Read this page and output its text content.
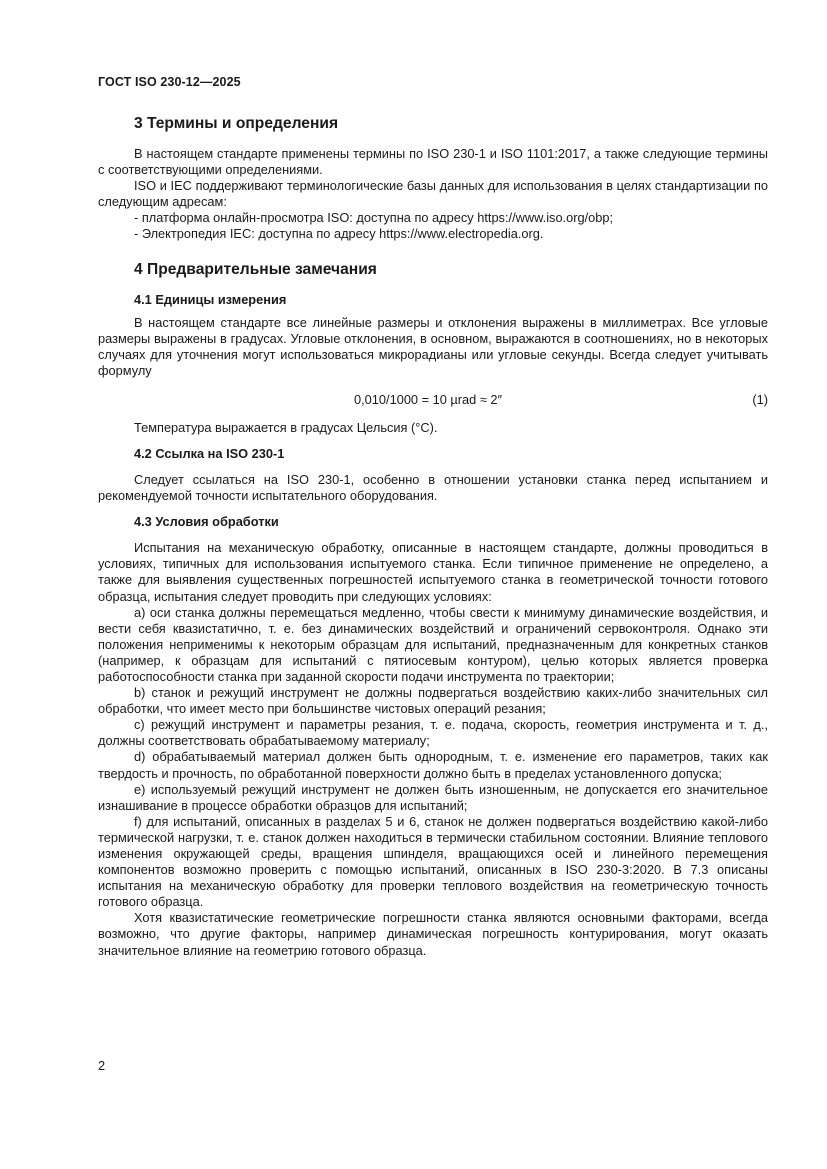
ГОСТ ISO 230-12—2025
3 Термины и определения

В настоящем стандарте применены термины по ISO 230-1 и ISO 1101:2017, а также следующие термины с соответствующими определениями.

ISO и IEC поддерживают терминологические базы данных для использования в целях стандартизации по следующим адресам:

- платформа онлайн-просмотра ISO: доступна по адресу https://www.iso.org/obp;
- Электропедия IEC: доступна по адресу https://www.electropedia.org.
4 Предварительные замечания
4.1 Единицы измерения

В настоящем стандарте все линейные размеры и отклонения выражены в миллиметрах. Все угловые размеры выражены в градусах. Угловые отклонения, в основном, выражаются в соотношениях, но в некоторых случаях для уточнения могут использоваться микрорадианы или угловые секунды. Всегда следует учитывать формулу

0,010/1000 = 10 µrad ≈ 2″	(1)

Температура выражается в градусах Цельсия (°C).

4.2 Ссылка на ISO 230-1

Следует ссылаться на ISO 230-1, особенно в отношении установки станка перед испытанием и рекомендуемой точности испытательного оборудования.

4.3 Условия обработки

Испытания на механическую обработку, описанные в настоящем стандарте, должны проводиться в условиях, типичных для использования испытуемого станка. Если типичное применение не определено, а также для выявления существенных погрешностей испытуемого станка в геометрической точности готового образца, испытания следует проводить при следующих условиях:

a) оси станка должны перемещаться медленно, чтобы свести к минимуму динамические воздействия, и вести себя квазистатично, т. е. без динамических воздействий и ограничений сервоконтроля. Однако эти положения неприменимы к некоторым образцам для испытаний, предназначенным для конкретных станков (например, к образцам для испытаний с пятиосевым контуром), целью которых является проверка работоспособности станка при заданной скорости подачи инструмента по траектории;

b) станок и режущий инструмент не должны подвергаться воздействию каких-либо значительных сил обработки, что имеет место при большинстве чистовых операций резания;

c) режущий инструмент и параметры резания, т. е. подача, скорость, геометрия инструмента и т. д., должны соответствовать обрабатываемому материалу;

d) обрабатываемый материал должен быть однородным, т. е. изменение его параметров, таких как твердость и прочность, по обработанной поверхности должно быть в пределах установленного допуска;

e) используемый режущий инструмент не должен быть изношенным, не допускается его значительное изнашивание в процессе обработки образцов для испытаний;

f) для испытаний, описанных в разделах 5 и 6, станок не должен подвергаться воздействию какой-либо термической нагрузки, т. е. станок должен находиться в термически стабильном состоянии. Влияние теплового изменения окружающей среды, вращения шпинделя, вращающихся осей и линейного перемещения компонентов возможно проверить с помощью испытаний, описанных в ISO 230-3:2020. В 7.3 описаны испытания на механическую обработку для проверки теплового воздействия на геометрическую точность готового образца.

Хотя квазистатические геометрические погрешности станка являются основными факторами, всегда возможно, что другие факторы, например динамическая погрешность контурирования, могут оказать значительное влияние на геометрию готового образца.

2
